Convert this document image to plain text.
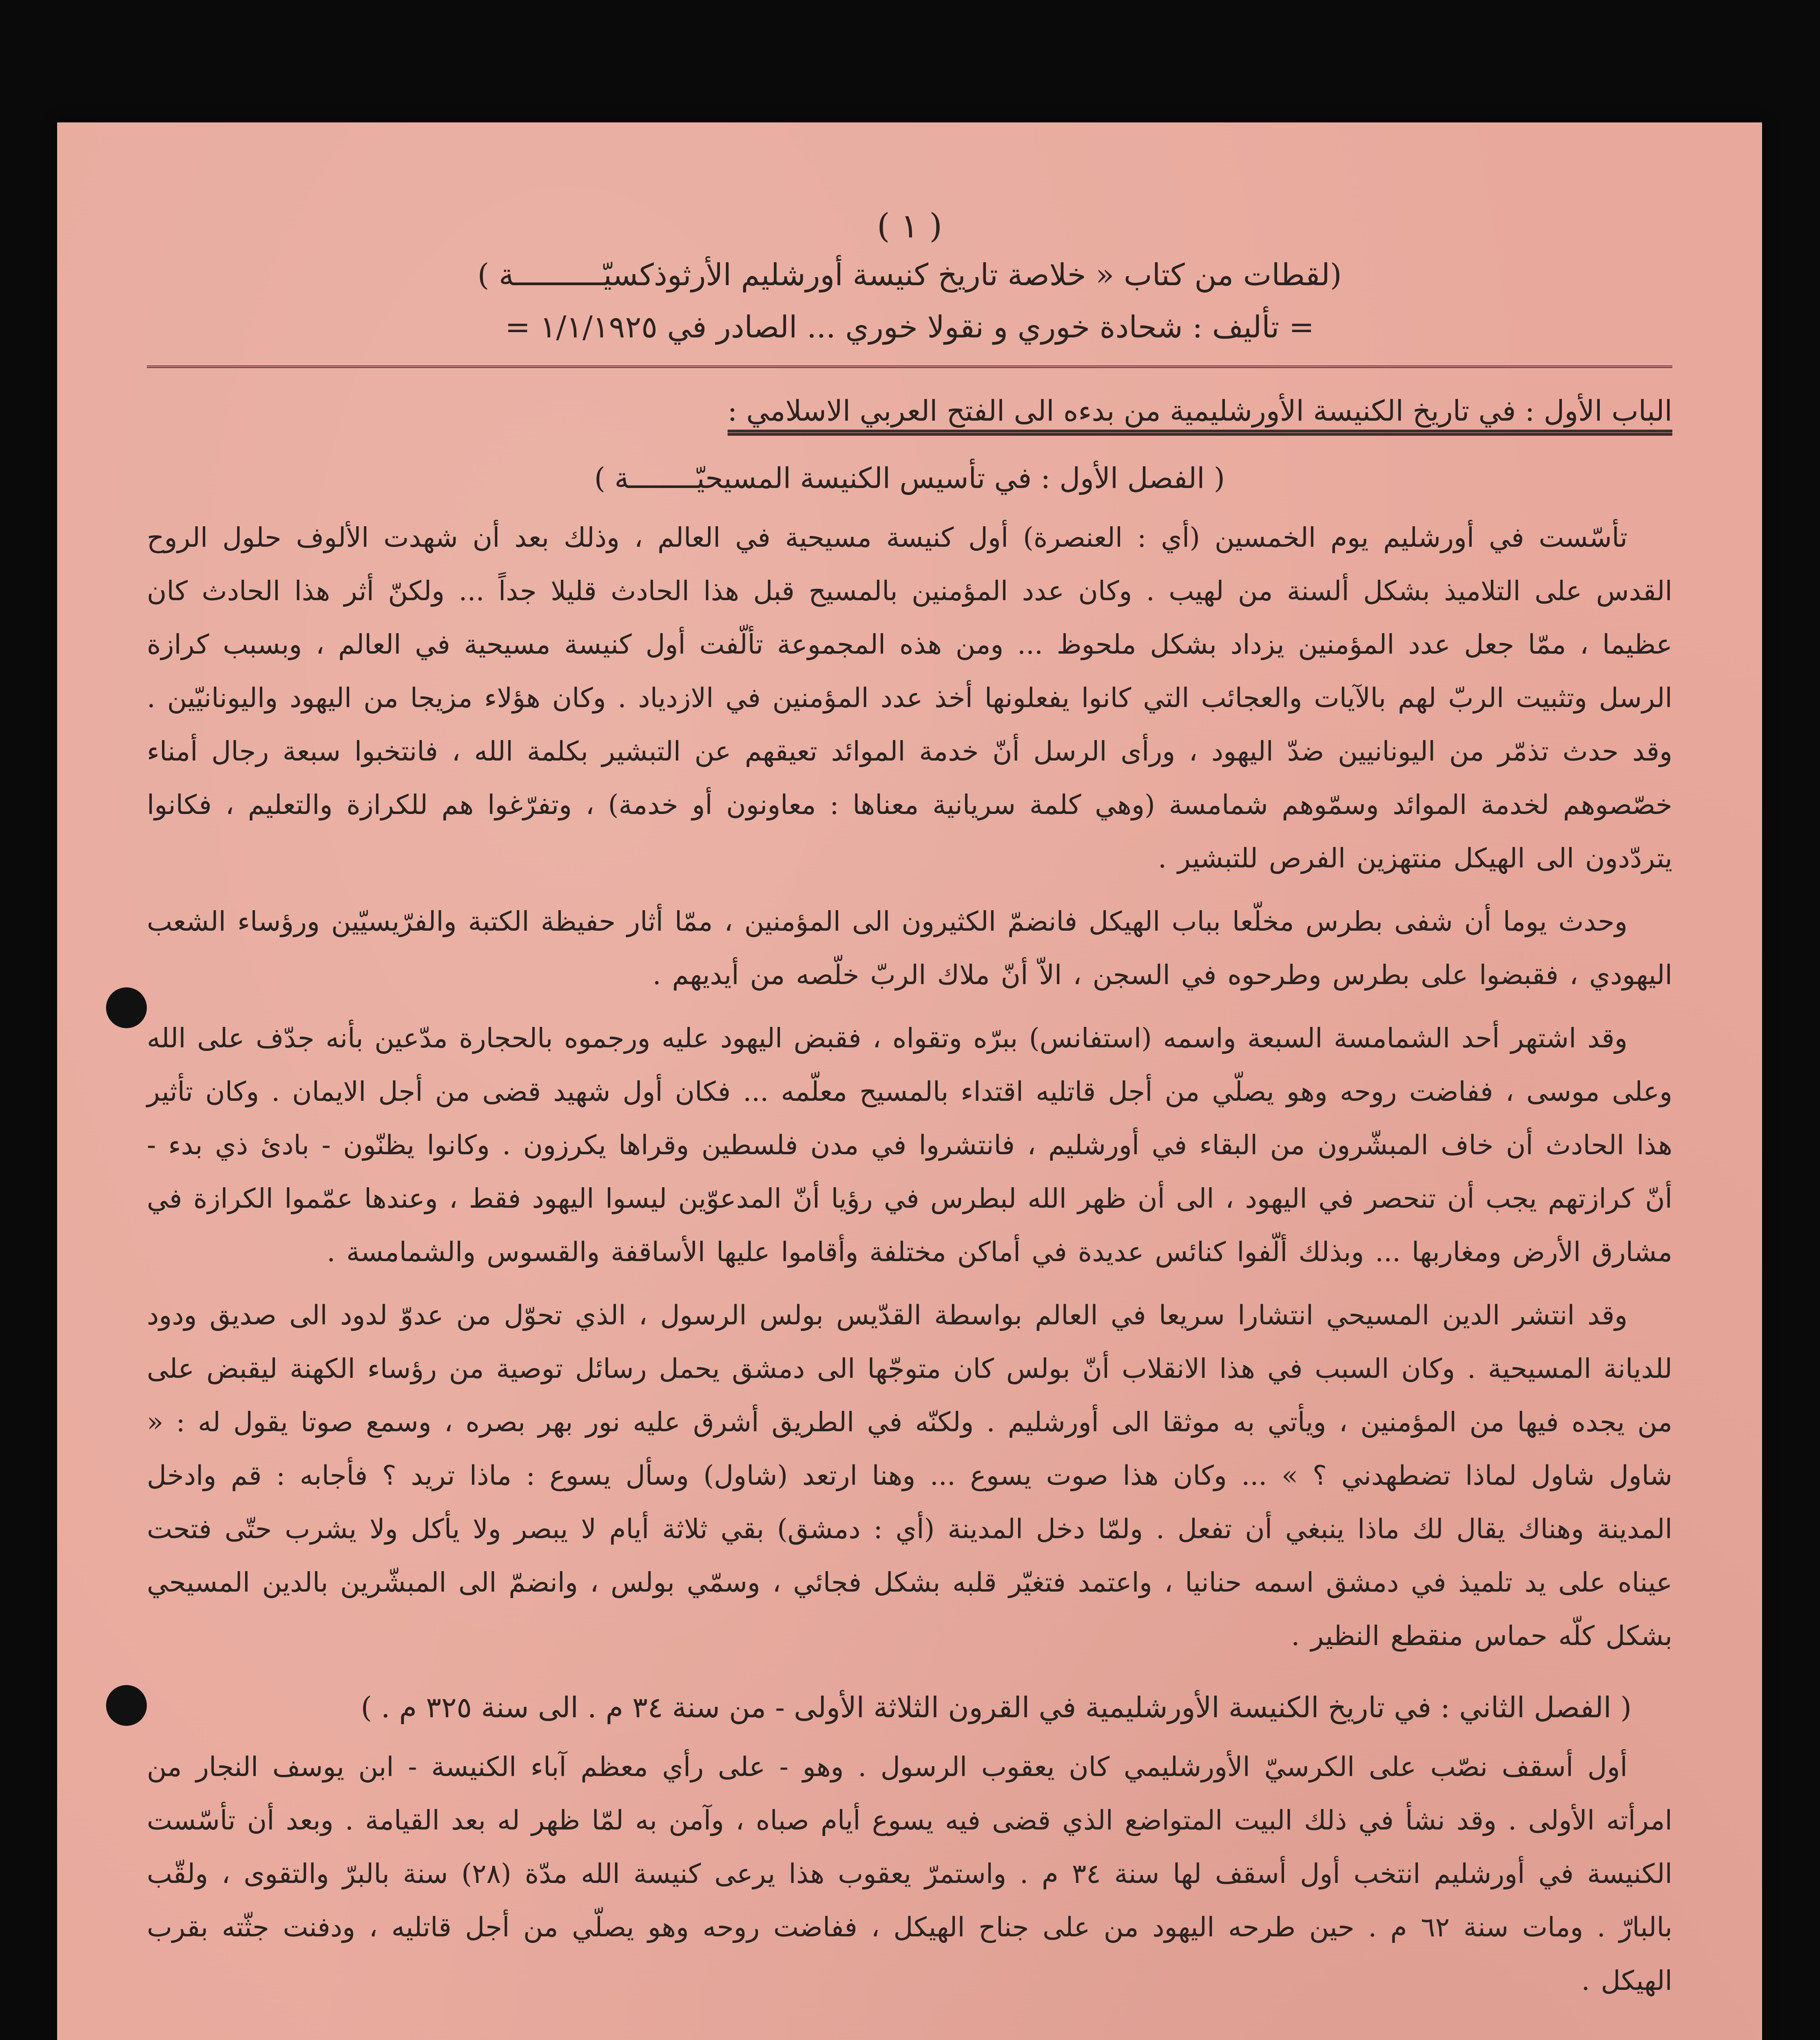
( ١ )

(لقطات من كتاب « خلاصة تاريخ كنيسة أورشليم الأرثوذكسيّــــــــــة )

= تأليف : شحادة خوري و نقولا خوري ... الصادر في ١/١/١٩٢٥ =

الباب الأول : في تاريخ الكنيسة الأورشليمية من بدءه الى الفتح العربي الاسلامي :

( الفصل الأول : في تأسيس الكنيسة المسيحيّــــــــة )

تأسّست في أورشليم يوم الخمسين (أي : العنصرة) أول كنيسة مسيحية في العالم ، وذلك بعد أن شهدت الألوف حلول الروح القدس على التلاميذ بشكل ألسنة من لهيب . وكان عدد المؤمنين بالمسيح قبل هذا الحادث قليلا جداً ... ولكنّ أثر هذا الحادث كان عظيما ، ممّا جعل عدد المؤمنين يزداد بشكل ملحوظ ... ومن هذه المجموعة تألّفت أول كنيسة مسيحية في العالم ، وبسبب كرازة الرسل وتثبيت الربّ لهم بالآيات والعجائب التي كانوا يفعلونها أخذ عدد المؤمنين في الازدياد . وكان هؤلاء مزيجا من اليهود واليونانيّين . وقد حدث تذمّر من اليونانيين ضدّ اليهود ، ورأى الرسل أنّ خدمة الموائد تعيقهم عن التبشير بكلمة الله ، فانتخبوا سبعة رجال أمناء خصّصوهم لخدمة الموائد وسمّوهم شمامسة (وهي كلمة سريانية معناها : معاونون أو خدمة) ، وتفرّغوا هم للكرازة والتعليم ، فكانوا يتردّدون الى الهيكل منتهزين الفرص للتبشير .

وحدث يوما أن شفى بطرس مخلّعا بباب الهيكل فانضمّ الكثيرون الى المؤمنين ، ممّا أثار حفيظة الكتبة والفرّيسيّين ورؤساء الشعب اليهودي ، فقبضوا على بطرس وطرحوه في السجن ، الاّ أنّ ملاك الربّ خلّصه من أيديهم .

وقد اشتهر أحد الشمامسة السبعة واسمه (استفانس) ببرّه وتقواه ، فقبض اليهود عليه ورجموه بالحجارة مدّعين بأنه جدّف على الله وعلى موسى ، ففاضت روحه وهو يصلّي من أجل قاتليه اقتداء بالمسيح معلّمه ... فكان أول شهيد قضى من أجل الايمان . وكان تأثير هذا الحادث أن خاف المبشّرون من البقاء في أورشليم ، فانتشروا في مدن فلسطين وقراها يكرزون . وكانوا يظنّون - بادئ ذي بدء - أنّ كرازتهم يجب أن تنحصر في اليهود ، الى أن ظهر الله لبطرس في رؤيا أنّ المدعوّين ليسوا اليهود فقط ، وعندها عمّموا الكرازة في مشارق الأرض ومغاربها ... وبذلك ألّفوا كنائس عديدة في أماكن مختلفة وأقاموا عليها الأساقفة والقسوس والشمامسة .

وقد انتشر الدين المسيحي انتشارا سريعا في العالم بواسطة القدّيس بولس الرسول ، الذي تحوّل من عدوّ لدود الى صديق ودود للديانة المسيحية . وكان السبب في هذا الانقلاب أنّ بولس كان متوجّها الى دمشق يحمل رسائل توصية من رؤساء الكهنة ليقبض على من يجده فيها من المؤمنين ، ويأتي به موثقا الى أورشليم . ولكنّه في الطريق أشرق عليه نور بهر بصره ، وسمع صوتا يقول له : « شاول شاول لماذا تضطهدني ؟ » ... وكان هذا صوت يسوع ... وهنا ارتعد (شاول) وسأل يسوع : ماذا تريد ؟ فأجابه : قم وادخل المدينة وهناك يقال لك ماذا ينبغي أن تفعل . ولمّا دخل المدينة (أي : دمشق) بقي ثلاثة أيام لا يبصر ولا يأكل ولا يشرب حتّى فتحت عيناه على يد تلميذ في دمشق اسمه حنانيا ، واعتمد فتغيّر قلبه بشكل فجائي ، وسمّي بولس ، وانضمّ الى المبشّرين بالدين المسيحي بشكل كلّه حماس منقطع النظير .

( الفصل الثاني : في تاريخ الكنيسة الأورشليمية في القرون الثلاثة الأولى - من سنة ٣٤ م . الى سنة ٣٢٥ م . )

أول أسقف نصّب على الكرسيّ الأورشليمي كان يعقوب الرسول . وهو - على رأي معظم آباء الكنيسة - ابن يوسف النجار من امرأته الأولى . وقد نشأ في ذلك البيت المتواضع الذي قضى فيه يسوع أيام صباه ، وآمن به لمّا ظهر له بعد القيامة . وبعد أن تأسّست الكنيسة في أورشليم انتخب أول أسقف لها سنة ٣٤ م . واستمرّ يعقوب هذا يرعى كنيسة الله مدّة (٢٨) سنة بالبرّ والتقوى ، ولقّب بالبارّ . ومات سنة ٦٢ م . حين طرحه اليهود من على جناح الهيكل ، ففاضت روحه وهو يصلّي من أجل قاتليه ، ودفنت جثّته بقرب الهيكل .
